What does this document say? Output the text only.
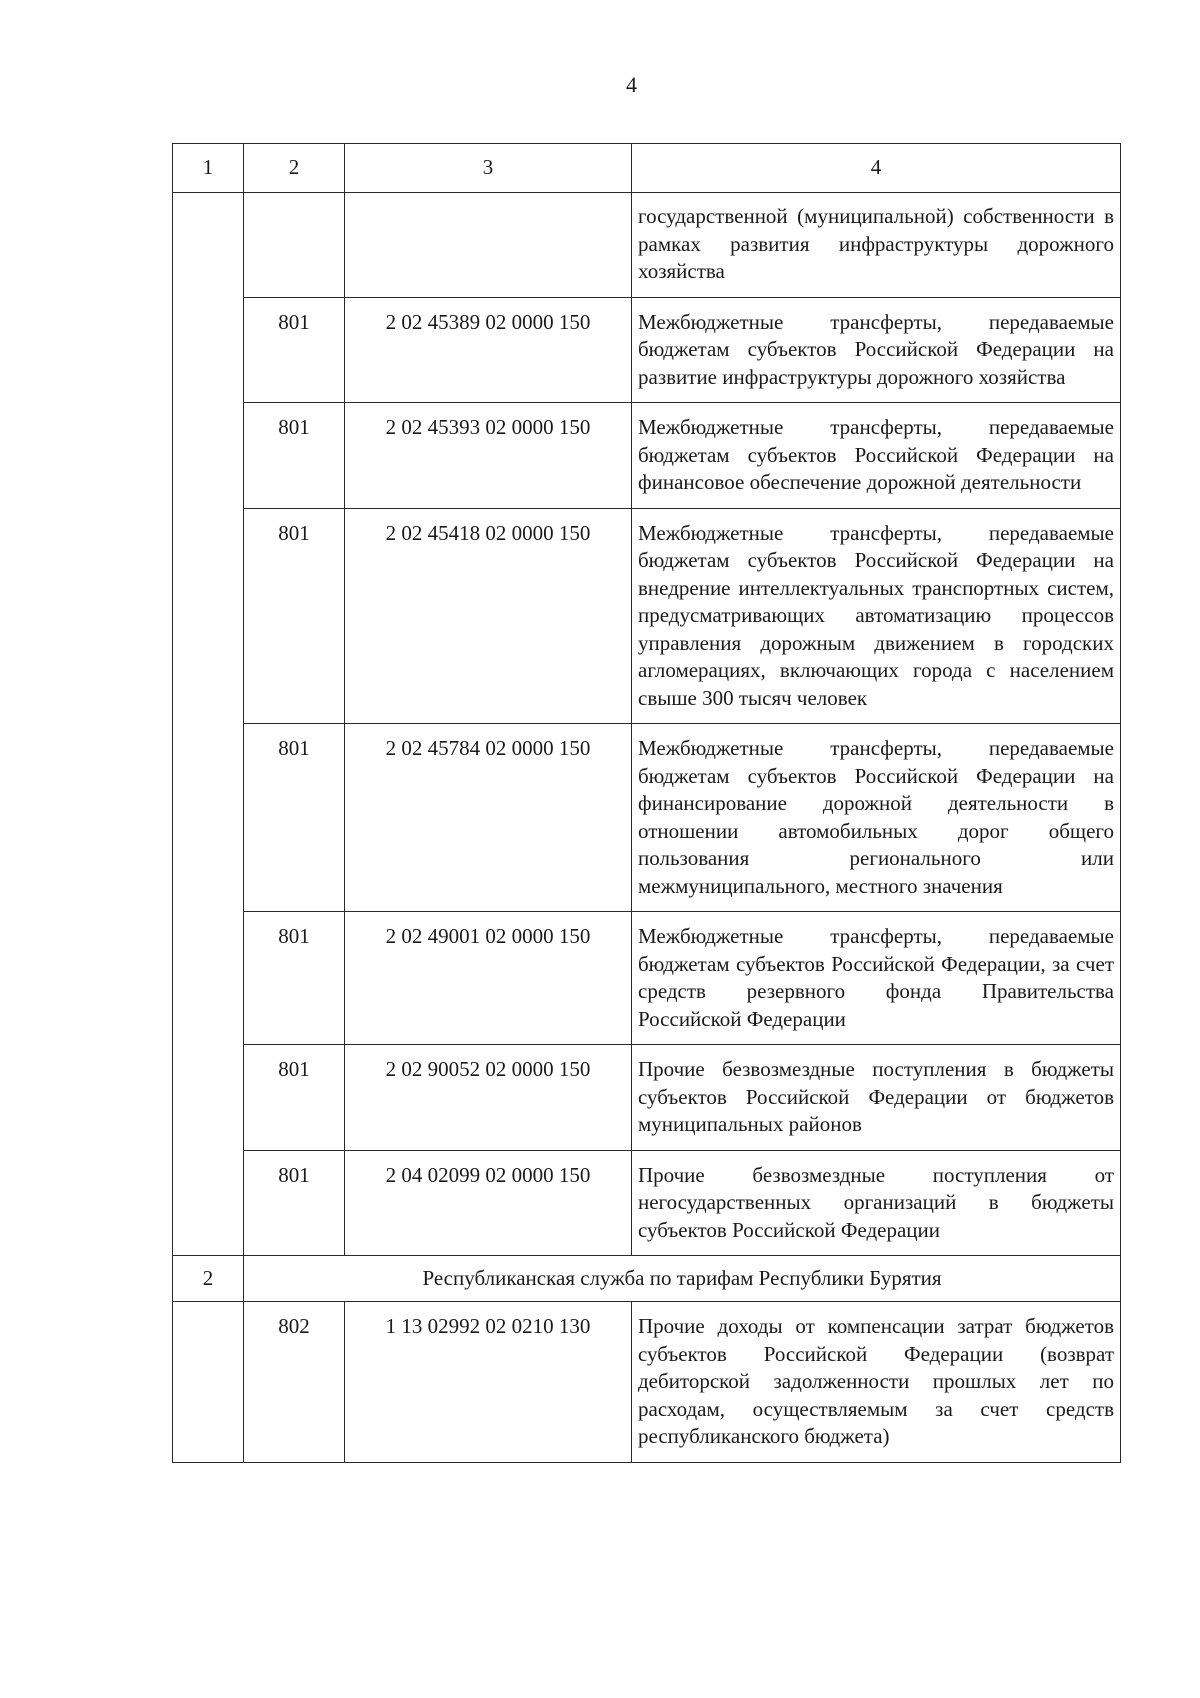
4
1	2	3	4
			государственной (муниципальной) собственности в рамках развития инфраструктуры дорожного хозяйства
	801	2 02 45389 02 0000 150	Межбюджетные трансферты, передаваемые бюджетам субъектов Российской Федерации на развитие инфраструктуры дорожного хозяйства
	801	2 02 45393 02 0000 150	Межбюджетные трансферты, передаваемые бюджетам субъектов Российской Федерации на финансовое обеспечение дорожной деятельности
	801	2 02 45418 02 0000 150	Межбюджетные трансферты, передаваемые бюджетам субъектов Российской Федерации на внедрение интеллектуальных транспортных систем, предусматривающих автоматизацию процессов управления дорожным движением в городских агломерациях, включающих города с населением свыше 300 тысяч человек
	801	2 02 45784 02 0000 150	Межбюджетные трансферты, передаваемые бюджетам субъектов Российской Федерации на финансирование дорожной деятельности в отношении автомобильных дорог общего пользования регионального или межмуниципального, местного значения
	801	2 02 49001 02 0000 150	Межбюджетные трансферты, передаваемые бюджетам субъектов Российской Федерации, за счет средств резервного фонда Правительства Российской Федерации
	801	2 02 90052 02 0000 150	Прочие безвозмездные поступления в бюджеты субъектов Российской Федерации от бюджетов муниципальных районов
	801	2 04 02099 02 0000 150	Прочие безвозмездные поступления от негосударственных организаций в бюджеты субъектов Российской Федерации
2	Республиканская служба по тарифам Республики Бурятия		
	802	1 13 02992 02 0210 130	Прочие доходы от компенсации затрат бюджетов субъектов Российской Федерации (возврат дебиторской задолженности прошлых лет по расходам, осуществляемым за счет средств республиканского бюджета)
